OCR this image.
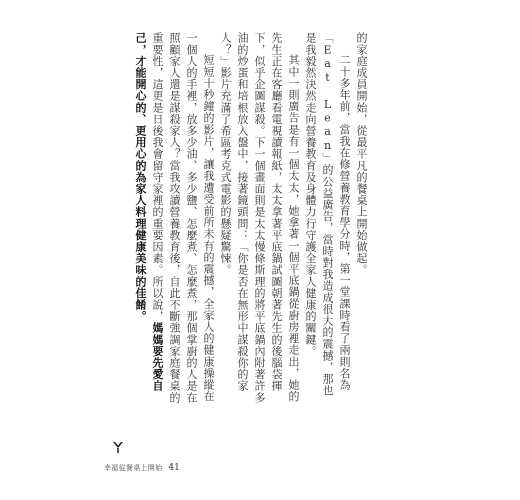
的家庭成員開始，從最平凡的餐桌上開始做起。

二十多年前，當我在修營養教育學分時，第一堂課時看了兩則名為「Eat Lean」的公益廣告，當時對我造成很大的震撼，那也是我毅然決然走向營養教育及身體力行守護全家人健康的關鍵。

其中一則廣告是有一個太太，她拿著一個平底鍋從廚房裡走出，她的先生正在客廳看電視讀報紙，太太拿著平底鍋試圖朝著先生的後腦袋揮下，似乎企圖謀殺。下一個畫面則是太太慢條斯理的將平底鍋內附著許多油的炒蛋和培根放入盤中，接著鏡頭問：「你是否在無形中謀殺你的家人？」影片充滿了希區考克式電影的懸疑驚悚。

短短十秒鐘的影片，讓我遭受前所未有的震撼，全家人的健康操縱在一個人的手裡，放多少油、多少鹽、怎麼煮、怎麼煮，那個掌廚的人是在照顧家人還是謀殺家人？當我攻讀營養教育後，自此不斷強調家庭餐桌的重要性，這更是日後我會留守家裡的重要因素。所以說，媽媽要先愛自己，才能開心的、更用心的為家人料理健康美味的佳餚。

幸福從餐桌上開始 41
